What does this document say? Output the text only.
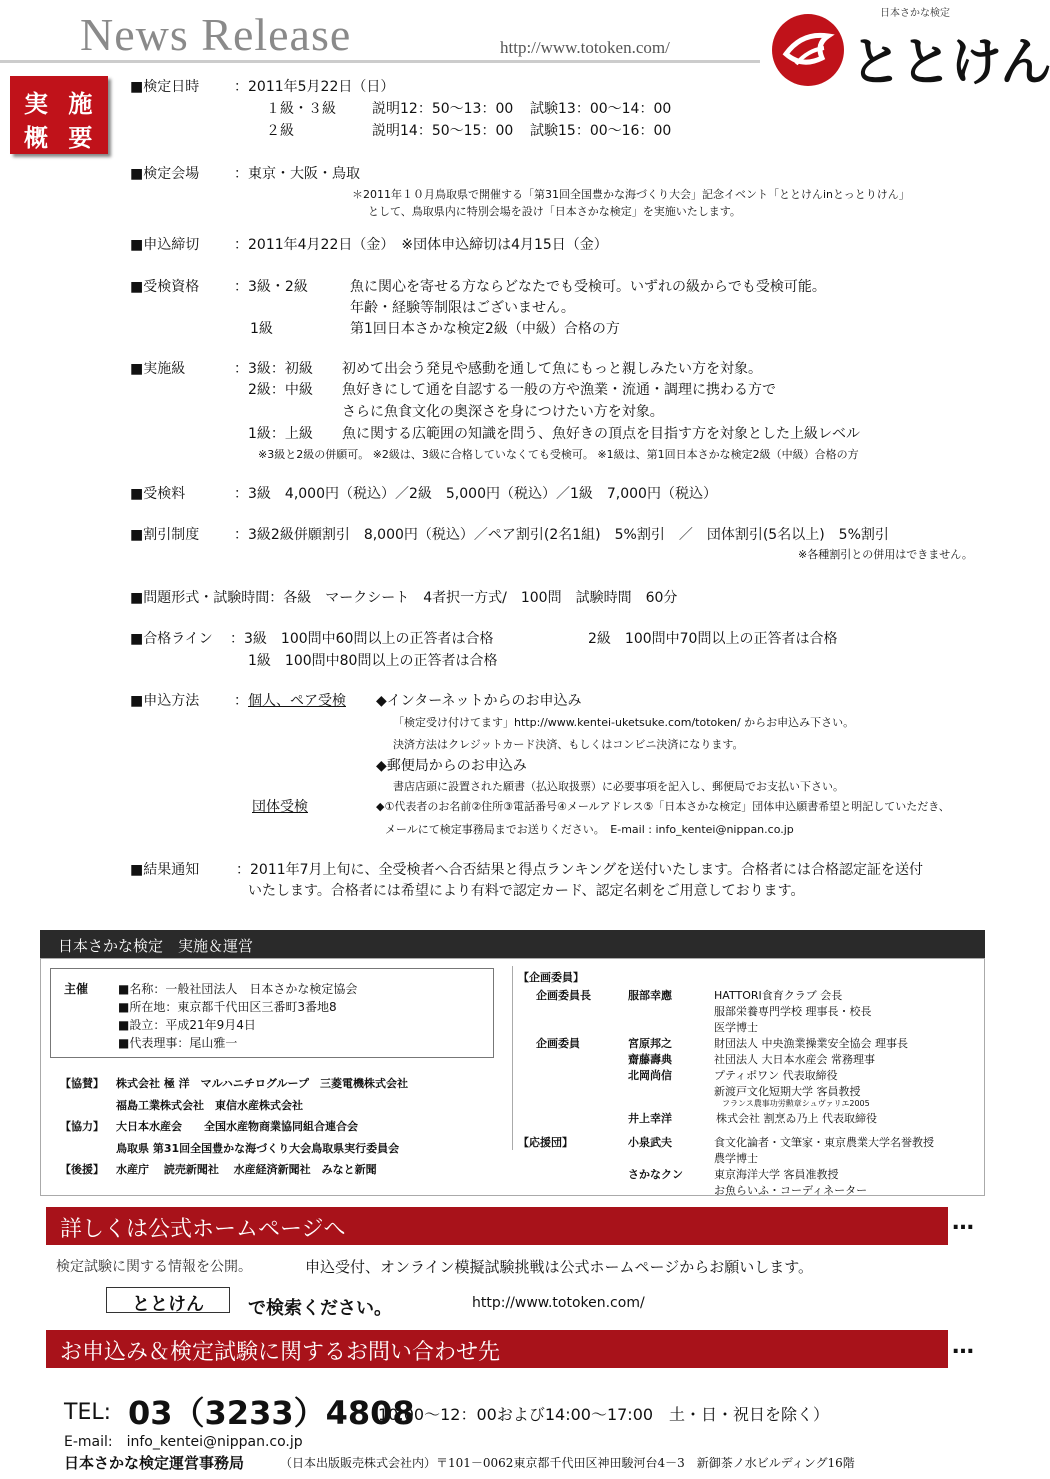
News Release	http://www.totoken.com/
日本さかな検定
ととけん
実 施
概 要
■検定日時 ：2011年5月22日（日）
１級・３級	説明12：50～13：00 試験13：00～14：00
２級	説明14：50～15：00 試験15：00～16：00
■検定会場 ：東京・大阪・鳥取
＊2011年１０月鳥取県で開催する「第31回全国豊かな海づくり大会」記念イベント「ととけんinとっとりけん」
として、鳥取県内に特別会場を設け「日本さかな検定」を実施いたします。
■申込締切 ：2011年4月22日（金）　※団体申込締切は4月15日（金）
■受検資格 ：3級・2級	魚に関心を寄せる方ならどなたでも受検可。いずれの級からでも受検可能。
年齢・経験等制限はございません。
1級	第1回日本さかな検定2級（中級）合格の方
■実施級	：3級：初級 初めて出会う発見や感動を通して魚にもっと親しみたい方を対象。
2級：中級 魚好きにして通を自認する一般の方や漁業・流通・調理に携わる方で
さらに魚食文化の奥深さを身につけたい方を対象。
1級：上級 魚に関する広範囲の知識を問う、魚好きの頂点を目指す方を対象とした上級レベル
※3級と2級の併願可。 ※2級は、3級に合格していなくても受検可。 ※1級は、第1回日本さかな検定2級（中級）合格の方
■受検料	：3級　4,000円（税込）／2級　5,000円（税込）／1級　7,000円（税込）
■割引制度 ：3級2級併願割引　8,000円（税込）／ペア割引(2名1組)　5%割引　／　団体割引(5名以上)　5%割引
※各種割引との併用はできません。
■問題形式・試験時間：各級　マークシート　4者択一方式/　100問　試験時間　60分
■合格ライン ：3級　100問中60問以上の正答者は合格	2級　100問中70問以上の正答者は合格
1級　100問中80問以上の正答者は合格
■申込方法 ： 個人、ペア受検 ◆インターネットからのお申込み
「検定受け付けてます」http://www.kentei-uketsuke.com/totoken/ からお申込み下さい。
決済方法はクレジットカード決済、もしくはコンビニ決済になります。
◆郵便局からのお申込み
書店店頭に設置された願書（払込取扱票）に必要事項を記入し、郵便局でお支払い下さい。
団体受検	◆①代表者のお名前②住所③電話番号④メールアドレス⑤「日本さかな検定」団体申込願書希望と明記していただき、
メールにて検定事務局までお送りください。　E-mail : info_kentei@nippan.co.jp
■結果通知	：2011年7月上旬に、全受検者へ合否結果と得点ランキングを送付いたします。合格者には合格認定証を送付
いたします。合格者には希望により有料で認定カード、認定名刺をご用意しております。
日本さかな検定　実施＆運営
主催 ■名称：一般社団法人　日本さかな検定協会
■所在地：東京都千代田区三番町3番地8
■設立：平成21年9月4日
■代表理事：尾山雅一
【協賛】 株式会社 極 洋　マルハニチログループ　三菱電機株式会社
福島工業株式会社　東信水産株式会社
【協力】 大日本水産会　　全国水産物商業協同組合連合会
鳥取県 第31回全国豊かな海づくり大会鳥取県実行委員会
【後援】 水産庁　 読売新聞社　 水産経済新聞社　みなと新聞
【企画委員】
企画委員長	服部幸應	HATTORI食育クラブ 会長
服部栄養専門学校 理事長・校長
医学博士
企画委員	宮原邦之	財団法人 中央漁業操業安全協会 理事長
齋藤壽典	社団法人 大日本水産会 常務理事
北岡尚信	プティポワン 代表取締役
新渡戸文化短期大学 客員教授
フランス農事功労勲章シュヴァリエ2005
井上幸洋	株式会社 割烹ゐ乃上 代表取締役
【応援団】	小泉武夫	食文化論者・文筆家・東京農業大学名誉教授
農学博士
さかなクン	東京海洋大学 客員准教授
お魚らいふ・コーディネーター
詳しくは公式ホームページへ	…
検定試験に関する情報を公開。	申込受付、オンライン模擬試験挑戦は公式ホームページからお願いします。
ととけん	で検索ください。	http://www.totoken.com/
お申込み＆検定試験に関するお問い合わせ先	…
TEL: 03（3233）4808
（10:00～12：00および14:00～17:00　土・日・祝日を除く）
E-mail:　info_kentei@nippan.co.jp
日本さかな検定運営事務局	（日本出版販売株式会社内）〒101－0062東京都千代田区神田駿河台4－3　新御茶ノ水ビルディング16階
